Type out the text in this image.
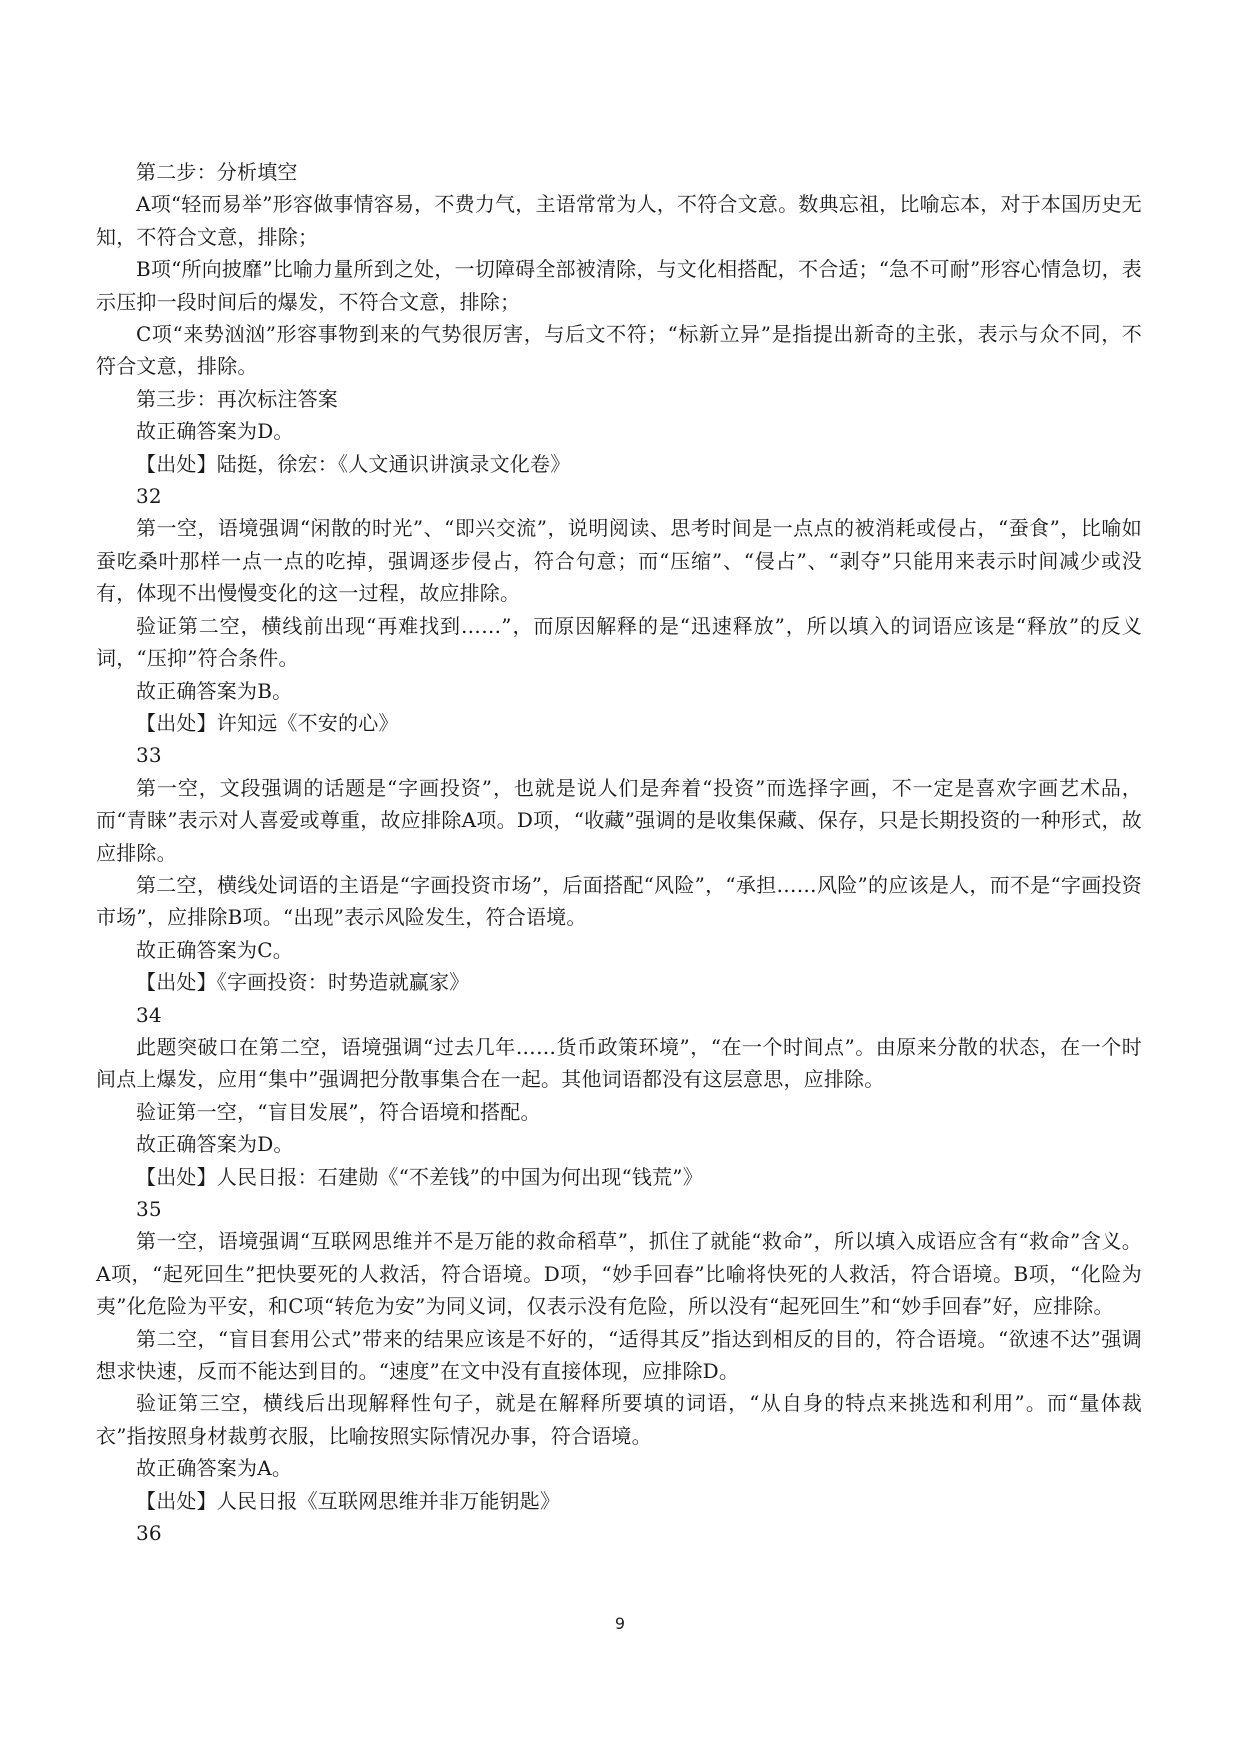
第二步：分析填空

A项“轻而易举”形容做事情容易，不费力气，主语常常为人，不符合文意。数典忘祖，比喻忘本，对于本国历史无知，不符合文意，排除；

B项“所向披靡”比喻力量所到之处，一切障碍全部被清除，与文化相搭配，不合适；“急不可耐”形容心情急切，表示压抑一段时间后的爆发，不符合文意，排除；

C项“来势汹汹”形容事物到来的气势很厉害，与后文不符；“标新立异”是指提出新奇的主张，表示与众不同，不符合文意，排除。

第三步：再次标注答案

故正确答案为D。

【出处】陆挺，徐宏：《人文通识讲演录文化卷》

32

第一空，语境强调“闲散的时光”、“即兴交流”，说明阅读、思考时间是一点点的被消耗或侵占，“蚕食”，比喻如蚕吃桑叶那样一点一点的吃掉，强调逐步侵占，符合句意；而“压缩”、“侵占”、“剥夺”只能用来表示时间减少或没有，体现不出慢慢变化的这一过程，故应排除。

验证第二空，横线前出现“再难找到……”，而原因解释的是“迅速释放”，所以填入的词语应该是“释放”的反义词，“压抑”符合条件。

故正确答案为B。

【出处】许知远《不安的心》

33

第一空，文段强调的话题是“字画投资”，也就是说人们是奔着“投资”而选择字画，不一定是喜欢字画艺术品，而“青睐”表示对人喜爱或尊重，故应排除A项。D项，“收藏”强调的是收集保藏、保存，只是长期投资的一种形式，故应排除。

第二空，横线处词语的主语是“字画投资市场”，后面搭配“风险”，“承担……风险”的应该是人，而不是“字画投资市场”，应排除B项。“出现”表示风险发生，符合语境。

故正确答案为C。

【出处】《字画投资：时势造就赢家》

34

此题突破口在第二空，语境强调“过去几年……货币政策环境”，“在一个时间点”。由原来分散的状态，在一个时间点上爆发，应用“集中”强调把分散事集合在一起。其他词语都没有这层意思，应排除。

验证第一空，“盲目发展”，符合语境和搭配。

故正确答案为D。

【出处】人民日报：石建勋《“不差钱”的中国为何出现“钱荒”》

35

第一空，语境强调“互联网思维并不是万能的救命稻草”，抓住了就能“救命”，所以填入成语应含有“救命”含义。A项，“起死回生”把快要死的人救活，符合语境。D项，“妙手回春”比喻将快死的人救活，符合语境。B项，“化险为夷”化危险为平安，和C项“转危为安”为同义词，仅表示没有危险，所以没有“起死回生”和“妙手回春”好，应排除。

第二空，“盲目套用公式”带来的结果应该是不好的，“适得其反”指达到相反的目的，符合语境。“欲速不达”强调想求快速，反而不能达到目的。“速度”在文中没有直接体现，应排除D。

验证第三空，横线后出现解释性句子，就是在解释所要填的词语，“从自身的特点来挑选和利用”。而“量体裁衣”指按照身材裁剪衣服，比喻按照实际情况办事，符合语境。

故正确答案为A。

【出处】人民日报《互联网思维并非万能钥匙》

36

9
